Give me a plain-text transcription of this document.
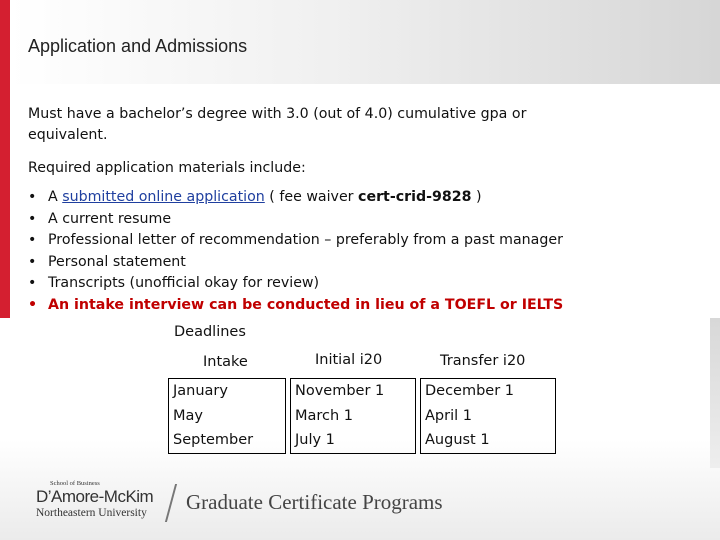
Application and Admissions

Must have a bachelor’s degree with 3.0 (out of 4.0) cumulative gpa or equivalent.

Required application materials include:

• A submitted online application ( fee waiver cert-crid-9828 )
• A current resume
• Professional letter of recommendation – preferably from a past manager
• Personal statement
• Transcripts (unofficial okay for review)
• An intake interview can be conducted in lieu of a TOEFL or IELTS
Deadlines
Intake	Initial i20	Transfer i20
January		November 1		December 1
May		March 1		April 1
September		July 1		August 1
School of Business
D’Amore-McKim
Northeastern University Graduate Certificate Programs
